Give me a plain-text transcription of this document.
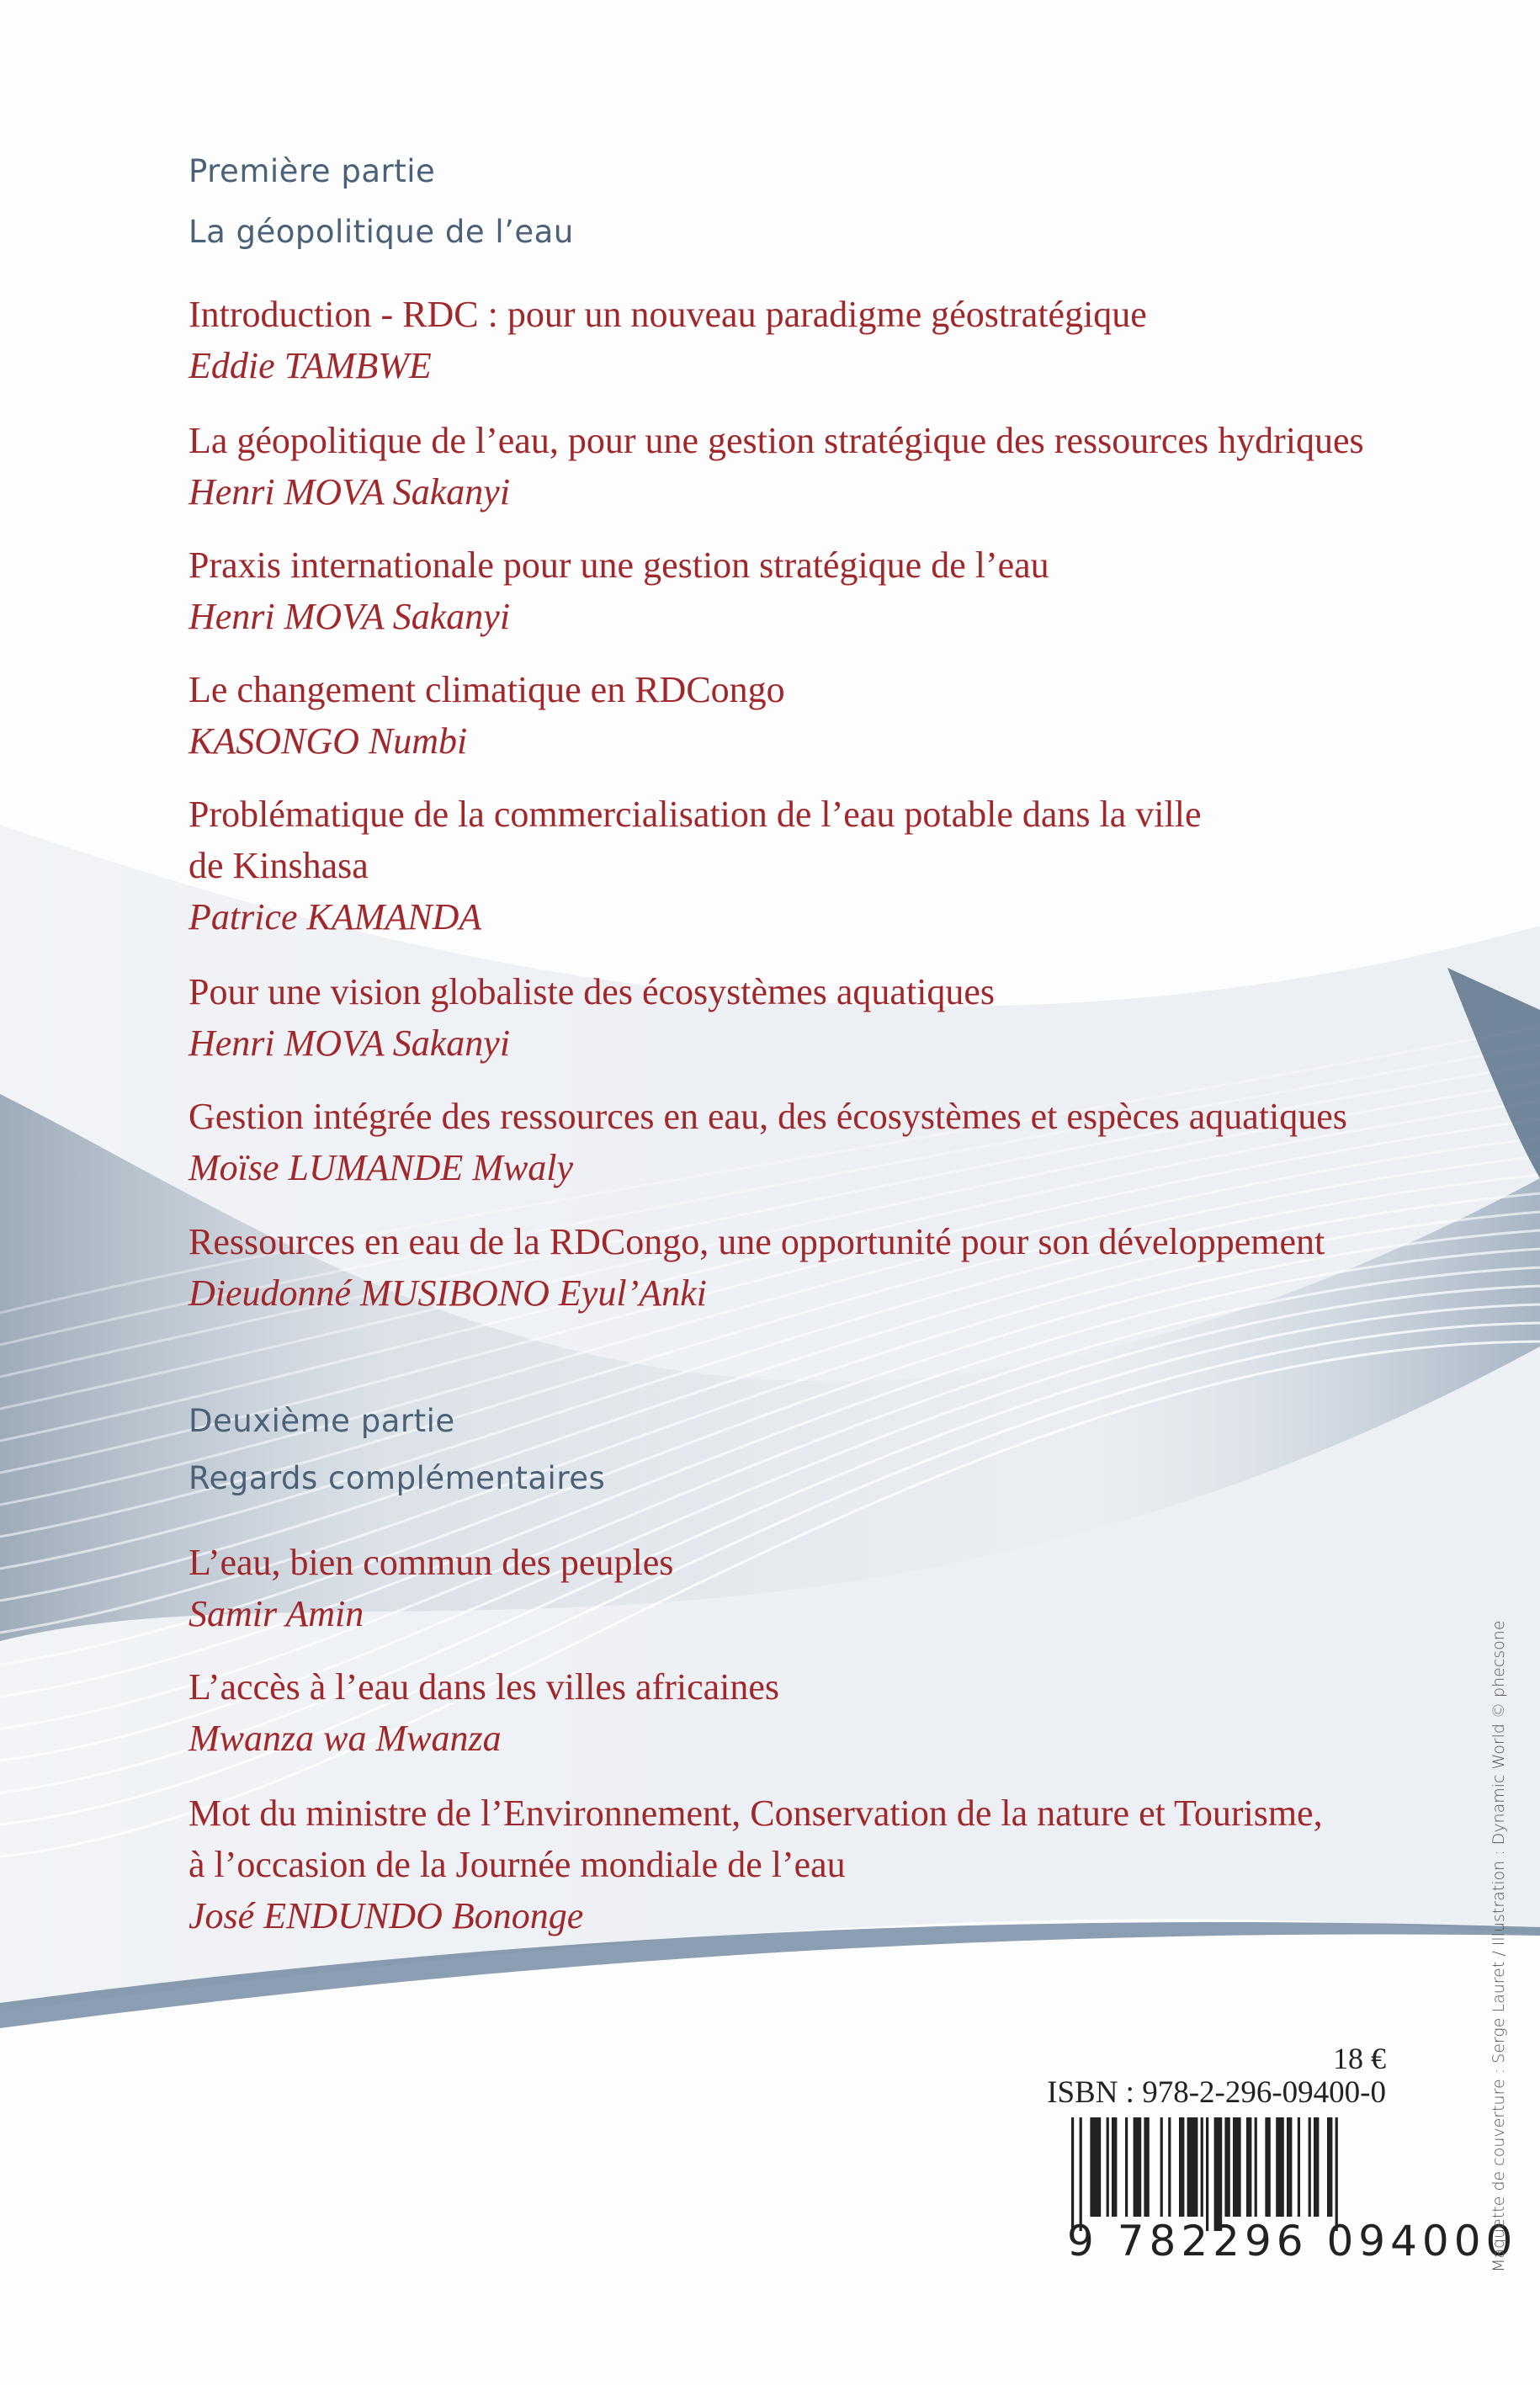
Première partie
La géopolitique de l’eau
Introduction - RDC : pour un nouveau paradigme géostratégique
Eddie TAMBWE
La géopolitique de l’eau, pour une gestion stratégique des ressources hydriques
Henri MOVA Sakanyi
Praxis internationale pour une gestion stratégique de l’eau
Henri MOVA Sakanyi
Le changement climatique en RDCongo
KASONGO Numbi
Problématique de la commercialisation de l’eau potable dans la ville
de Kinshasa
Patrice KAMANDA
Pour une vision globaliste des écosystèmes aquatiques
Henri MOVA Sakanyi
Gestion intégrée des ressources en eau, des écosystèmes et espèces aquatiques
Moïse LUMANDE Mwaly
Ressources en eau de la RDCongo, une opportunité pour son développement
Dieudonné MUSIBONO Eyul’Anki
Deuxième partie
Regards complémentaires
L’eau, bien commun des peuples
Samir Amin
L’accès à l’eau dans les villes africaines
Mwanza wa Mwanza
Mot du ministre de l’Environnement, Conservation de la nature et Tourisme,
à l’occasion de la Journée mondiale de l’eau
José ENDUNDO Bononge
18 €
ISBN : 978-2-296-09400-0
9 782296 094000
Maquette de couverture : Serge Lauret / Illustration : Dynamic World © phecsone
